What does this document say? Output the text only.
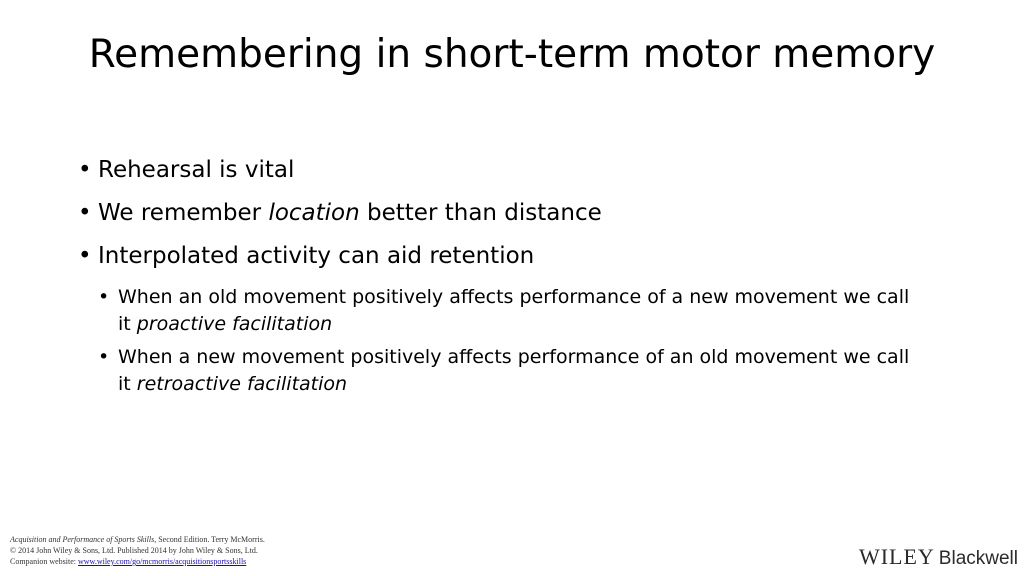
Remembering in short-term motor memory
• Rehearsal is vital
• We remember location better than distance
• Interpolated activity can aid retention
• When an old movement positively affects performance of a new movement we call it proactive facilitation
• When a new movement positively affects performance of an old movement we call it retroactive facilitation
Acquisition and Performance of Sports Skills, Second Edition. Terry McMorris.
© 2014 John Wiley & Sons, Ltd. Published 2014 by John Wiley & Sons, Ltd.
Companion website: www.wiley.com/go/mcmorris/acquisitionsportsskills	WILEY Blackwell
